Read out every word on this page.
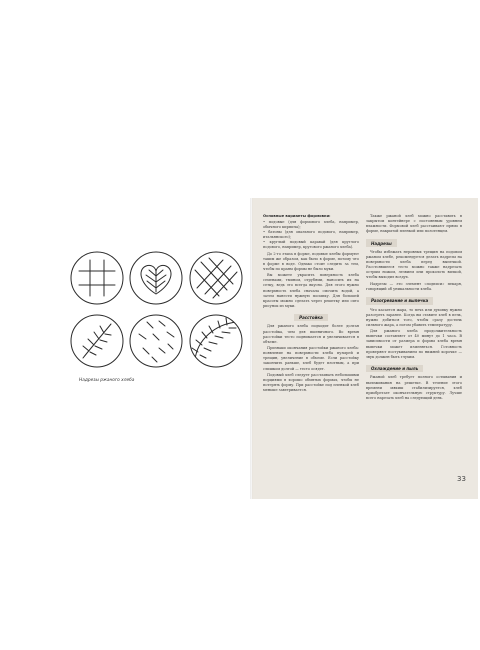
Надрезы ржаного хлеба
Основные варианты формовки:
• подовые (для формового хлеба, например, обычного кирпича);
• батоны (для овального подового, например, итальянского);
• круглый подовый каравай (для круглого подового, например, кругового ржаного хлеба).

До 2-го этапа в форме, подовые хлебы формуют таким же образом, как было в форме, потому что в форме в воде. Однако стоит следить за тем, чтобы по краям формы не было муки.

Вы можете украсить поверхность хлеба семенами, тмином, отрубями, наносить их на сетку, ведь это всегда вкусно. Для этого нужно поверхность хлеба сначала смочить водой, а затем нанести нужную посыпку. Для большей красоты можно сделать через решетку или сито рисунок из муки.

Расстойка

Для ржаного хлеба подходит более долгая расстойка, чем для пшеничного. Во время расстойки тесто поднимается и увеличивается в объеме.

Признаки окончания расстойки ржаного хлеба: появление на поверхности хлеба пузырей и трещин, увеличение в объеме. Если расстойку закончить раньше, хлеб будет плотным, а при слишком долгой — тесто осядет.

Подовый хлеб следует расстаивать небольшими порциями в хорошо обмятых формах, чтобы не потерять форму. При расстойке под пленкой хлеб меньше заветривается.

Также ржаной хлеб можно расставить в закрытом контейнере с постоянным уровнем влажности. Формовой хлеб расстаивают прямо в форме, накрытой пленкой или полотенцем.

Надрезы

Чтобы избежать неровных трещин на подовом ржаном хлебе, рекомендуется делать надрезы на поверхности хлеба перед выпечкой. Расстоявшееся тесто можно также надрезать острым ножом, лезвием или проколоть вилкой, чтобы выходил воздух.

Надрезы — это элемент «подписи» пекаря, говорящий об уникальности хлеба.

Разогревание и выпечка

Что касается жара, то печь или духовку нужно разогреть заранее. Когда вы ставите хлеб в печь, нужно добиться того, чтобы сразу достичь сильного жара, а потом убавить температуру.

Для ржаного хлеба продолжительность выпечки составляет от 40 минут до 1 часа. В зависимости от размера и формы хлеба время выпечки может изменяться. Готовность проверяют постукиванием по нижней корочке — звук должен быть глухим.

Охлаждение и пыль

Ржаной хлеб требует полного остывания и вылеживания на решетке. В течение этого времени мякиш стабилизируется, хлеб приобретает окончательную структуру. Лучше всего нарезать хлеб на следующий день.

33
